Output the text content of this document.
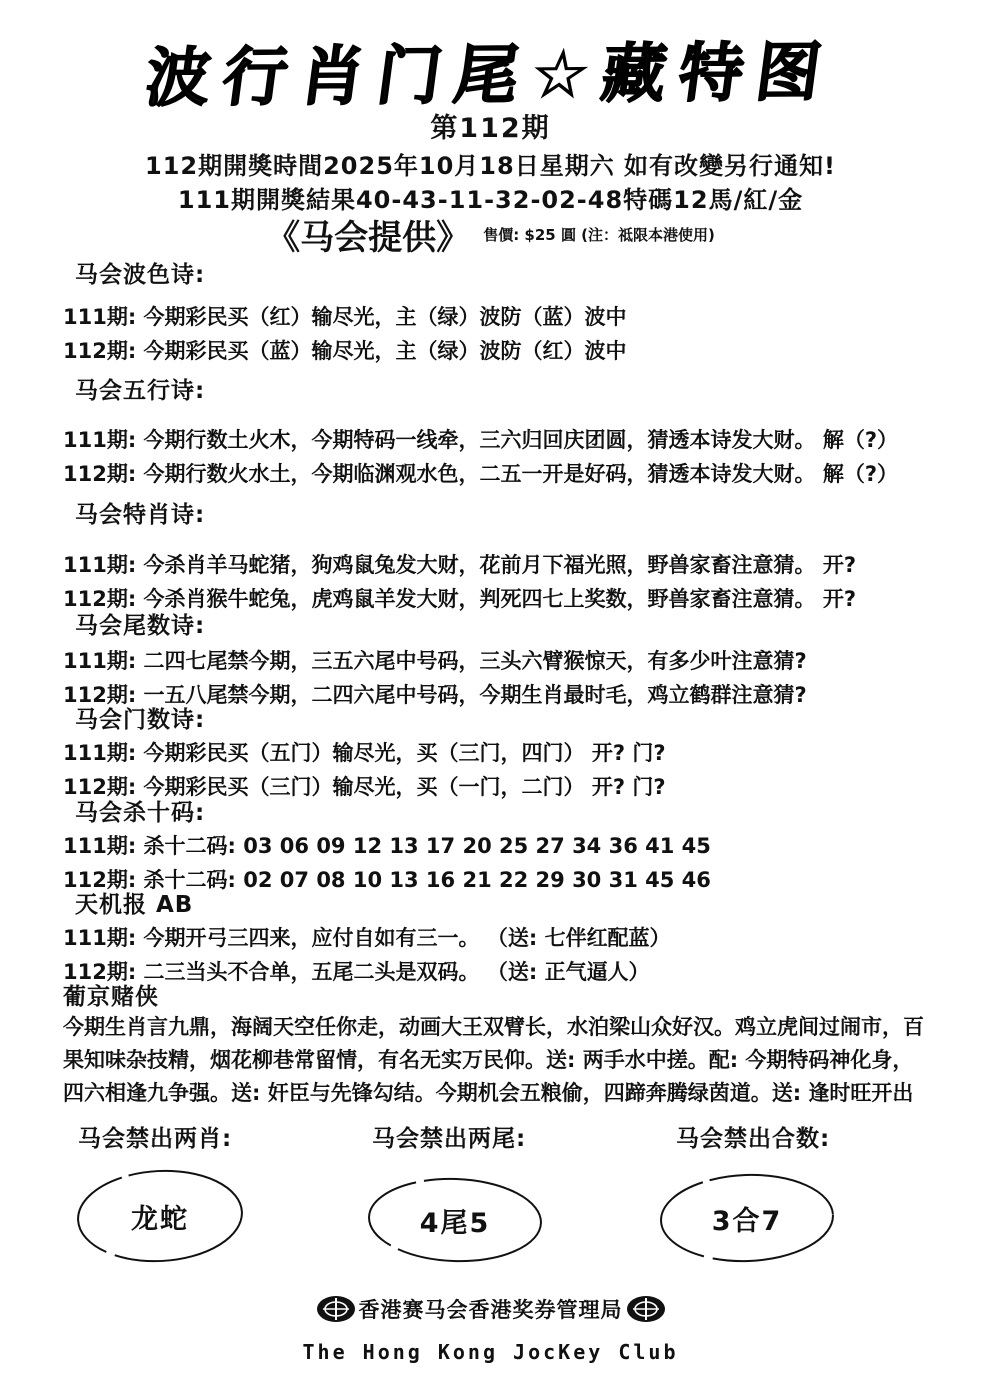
波行肖门尾☆藏特图
第112期
112期開獎時間2025年10月18日星期六 如有改變另行通知!
111期開獎結果40-43-11-32-02-48特碼12馬/紅/金
《马会提供》 售價: $25 圓 (注：祗限本港使用)
马会波色诗:
111期: 今期彩民买（红）输尽光，主（绿）波防（蓝）波中
112期: 今期彩民买（蓝）输尽光，主（绿）波防（红）波中
马会五行诗:
111期: 今期行数土火木，今期特码一线牵，三六归回庆团圆，猜透本诗发大财。 解（?）
112期: 今期行数火水土，今期临渊观水色，二五一开是好码，猜透本诗发大财。 解（?）
马会特肖诗:
111期: 今杀肖羊马蛇猪，狗鸡鼠兔发大财，花前月下福光照，野兽家畜注意猜。 开?
112期: 今杀肖猴牛蛇兔，虎鸡鼠羊发大财，判死四七上奖数，野兽家畜注意猜。 开?
马会尾数诗:
111期: 二四七尾禁今期，三五六尾中号码，三头六臂猴惊天，有多少叶注意猜?
112期: 一五八尾禁今期，二四六尾中号码，今期生肖最时毛，鸡立鹤群注意猜?
马会门数诗:
111期: 今期彩民买（五门）输尽光，买（三门，四门） 开? 门?
112期: 今期彩民买（三门）输尽光，买（一门，二门） 开? 门?
马会杀十码:
111期: 杀十二码: 03 06 09 12 13 17 20 25 27 34 36 41 45
112期: 杀十二码: 02 07 08 10 13 16 21 22 29 30 31 45 46
天机报 AB
111期: 今期开弓三四来，应付自如有三一。 （送: 七伴红配蓝）
112期: 二三当头不合单，五尾二头是双码。 （送: 正气逼人）
葡京赌侠
今期生肖言九鼎，海阔天空任你走，动画大王双臂长，水泊梁山众好汉。鸡立虎间过闹市，百
果知味杂技精，烟花柳巷常留情，有名无实万民仰。送: 两手水中搓。配: 今期特码神化身，
四六相逢九争强。送: 奸臣与先锋勾结。今期机会五粮偷，四蹄奔腾绿茵道。送: 逢时旺开出
马会禁出两肖:	马会禁出两尾:	马会禁出合数:
龙蛇	4尾5	3合7
香港赛马会香港奖券管理局
The Hong Kong JocKey Club
